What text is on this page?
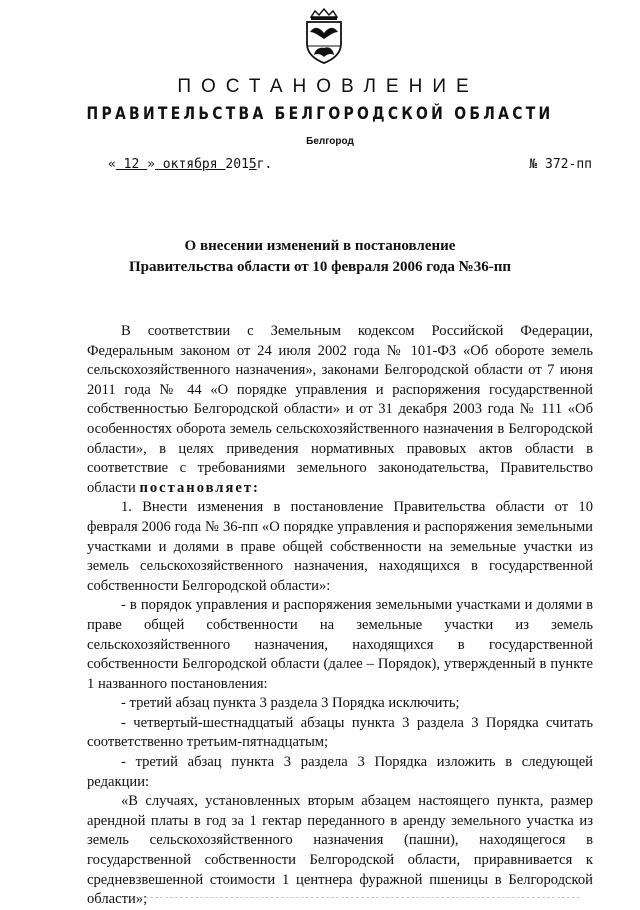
ПОСТАНОВЛЕНИЕ
ПРАВИТЕЛЬСТВА БЕЛГОРОДСКОЙ ОБЛАСТИ
Белгород
« 12 » октября 2015г.	№ 372-пп
О внесении изменений в постановление
Правительства области от 10 февраля 2006 года №36-пп

В соответствии с Земельным кодексом Российской Федерации, Федеральным законом от 24 июля 2002 года № 101-ФЗ «Об обороте земель сельскохозяйственного назначения», законами Белгородской области от 7 июня 2011 года № 44 «О порядке управления и распоряжения государственной собственностью Белгородской области» и от 31 декабря 2003 года № 111 «Об особенностях оборота земель сельскохозяйственного назначения в Белгородской области», в целях приведения нормативных правовых актов области в соответствие с требованиями земельного законодательства, Правительство области постановляет:

1. Внести изменения в постановление Правительства области от 10 февраля 2006 года № 36-пп «О порядке управления и распоряжения земельными участками и долями в праве общей собственности на земельные участки из земель сельскохозяйственного назначения, находящихся в государственной собственности Белгородской области»:

- в порядок управления и распоряжения земельными участками и долями в праве общей собственности на земельные участки из земель сельскохозяйственного назначения, находящихся в государственной собственности Белгородской области (далее – Порядок), утвержденный в пункте 1 названного постановления:

- третий абзац пункта 3 раздела 3 Порядка исключить;

- четвертый-шестнадцатый абзацы пункта 3 раздела 3 Порядка считать соответственно третьим-пятнадцатым;

- третий абзац пункта 3 раздела 3 Порядка изложить в следующей редакции:

«В случаях, установленных вторым абзацем настоящего пункта, размер арендной платы в год за 1 гектар переданного в аренду земельного участка из земель сельскохозяйственного назначения (пашни), находящегося в государственной собственности Белгородской области, приравнивается к средневзвешенной стоимости 1 центнера фуражной пшеницы в Белгородской области»;
